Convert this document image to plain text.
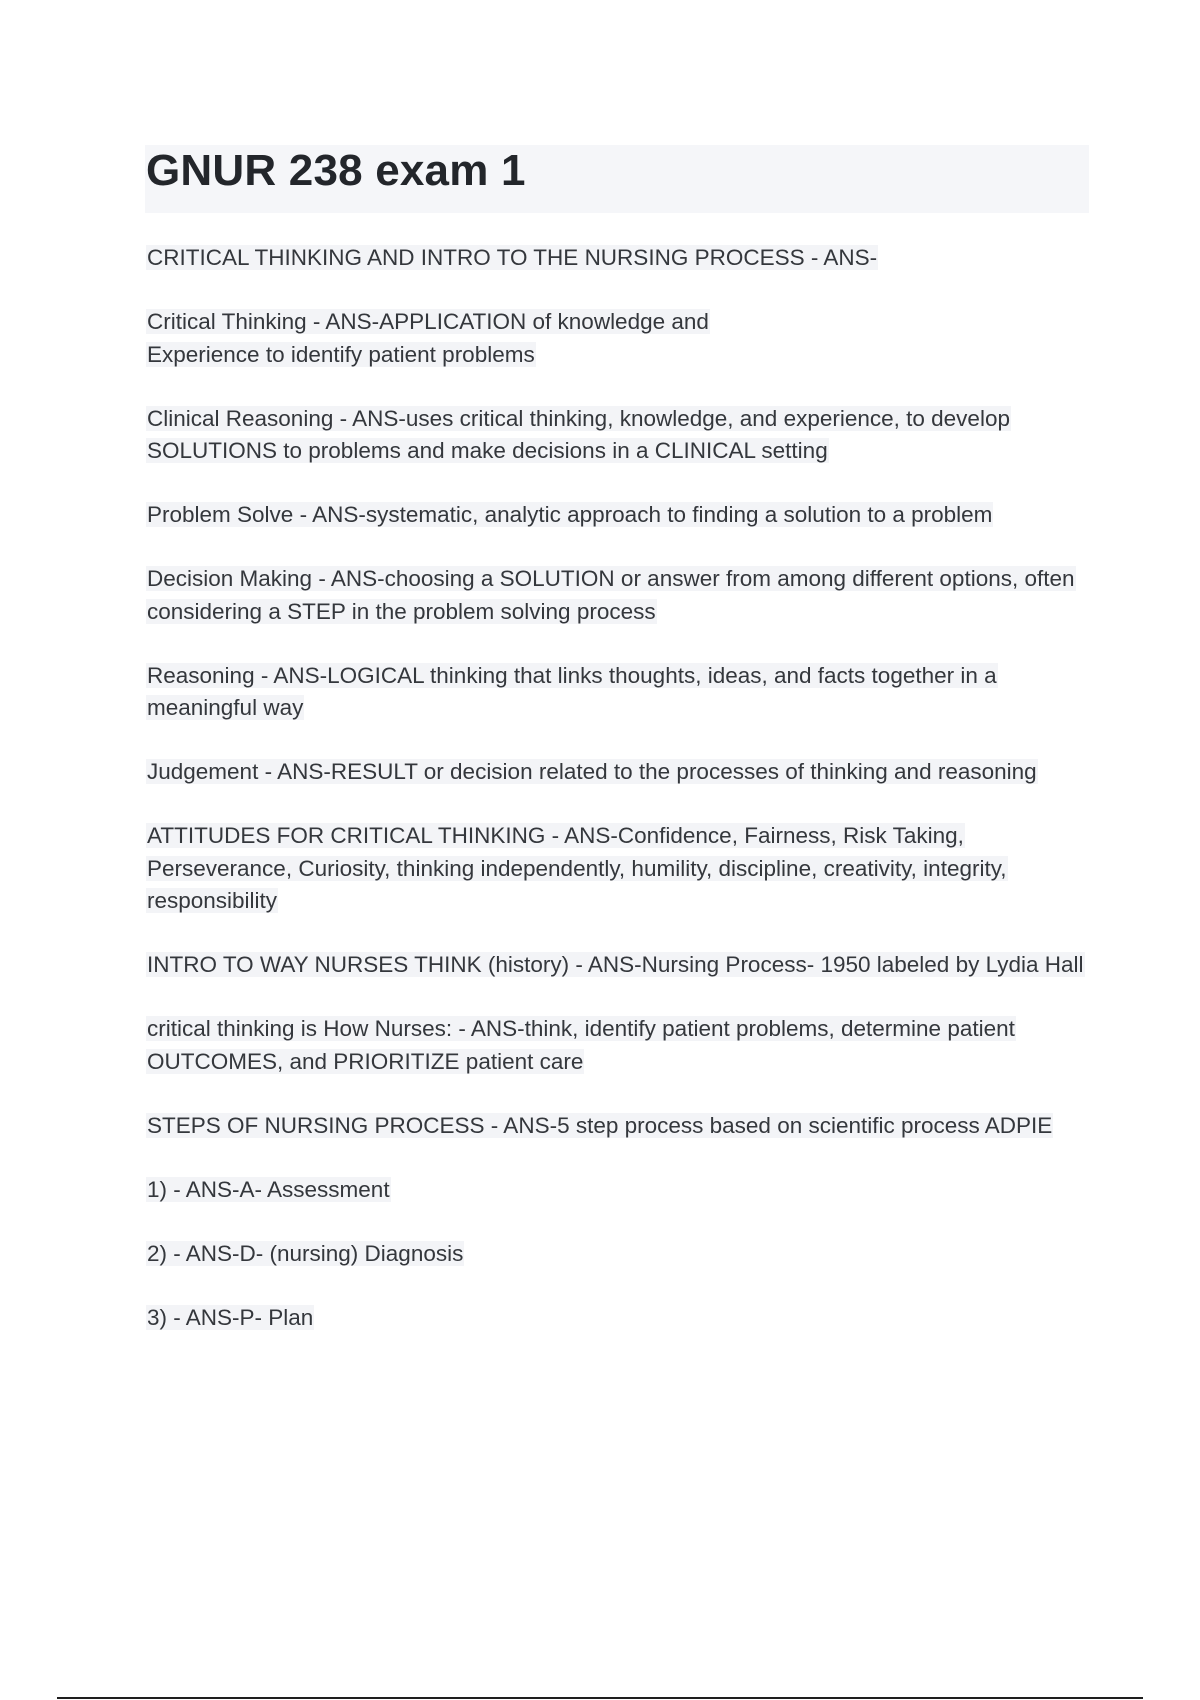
GNUR 238 exam 1

CRITICAL THINKING AND INTRO TO THE NURSING PROCESS - ANS-

Critical Thinking - ANS-APPLICATION of knowledge and
Experience to identify patient problems

Clinical Reasoning - ANS-uses critical thinking, knowledge, and experience, to develop SOLUTIONS to problems and make decisions in a CLINICAL setting

Problem Solve - ANS-systematic, analytic approach to finding a solution to a problem

Decision Making - ANS-choosing a SOLUTION or answer from among different options, often considering a STEP in the problem solving process

Reasoning - ANS-LOGICAL thinking that links thoughts, ideas, and facts together in a meaningful way

Judgement - ANS-RESULT or decision related to the processes of thinking and reasoning

ATTITUDES FOR CRITICAL THINKING - ANS-Confidence, Fairness, Risk Taking, Perseverance, Curiosity, thinking independently, humility, discipline, creativity, integrity, responsibility

INTRO TO WAY NURSES THINK (history) - ANS-Nursing Process- 1950 labeled by Lydia Hall

critical thinking is How Nurses: - ANS-think, identify patient problems, determine patient OUTCOMES, and PRIORITIZE patient care

STEPS OF NURSING PROCESS - ANS-5 step process based on scientific process ADPIE

1) - ANS-A- Assessment

2) - ANS-D- (nursing) Diagnosis

3) - ANS-P- Plan
